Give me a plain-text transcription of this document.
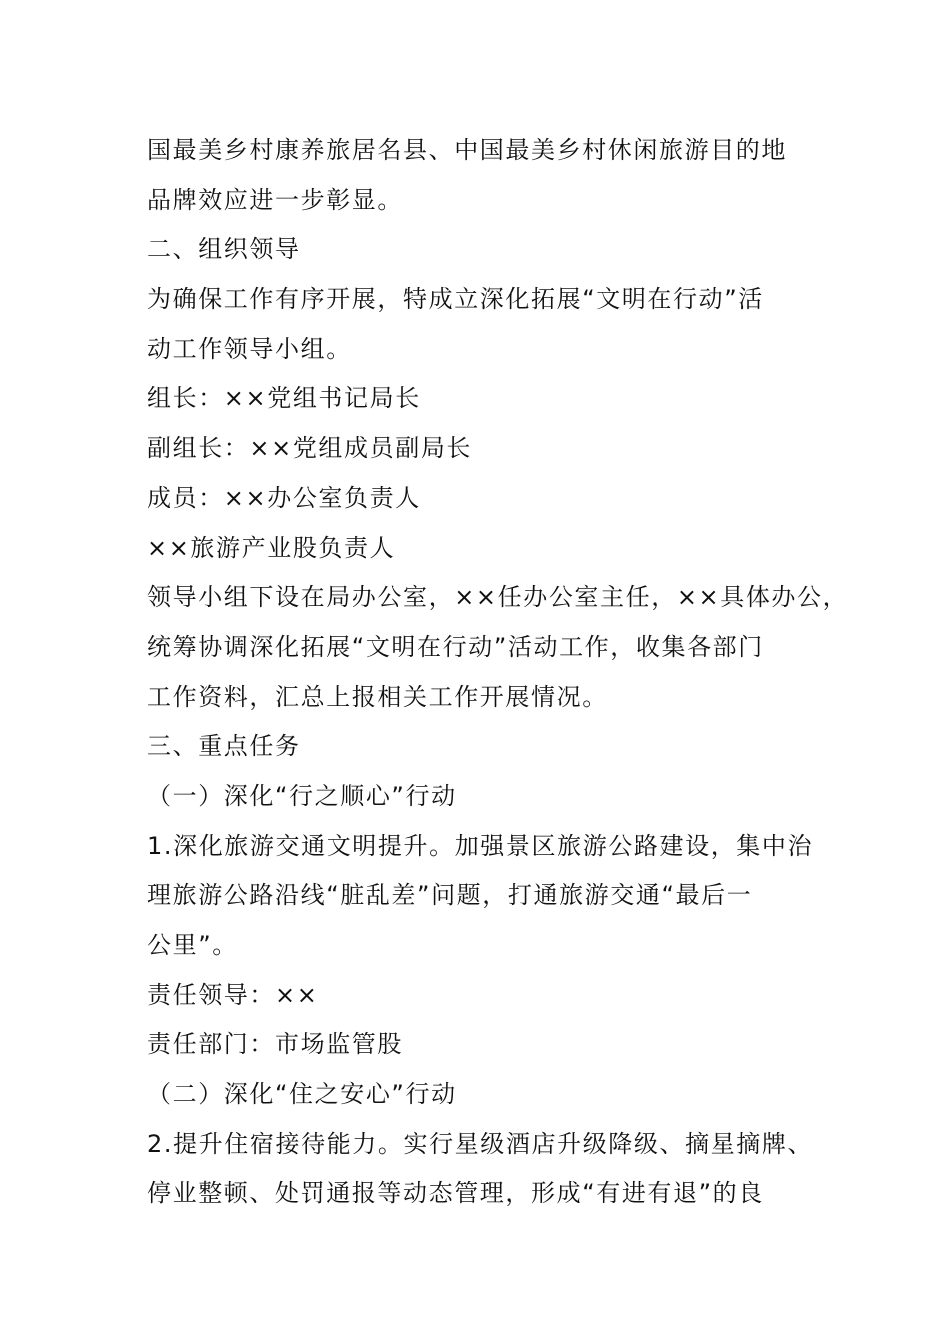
国最美乡村康养旅居名县、中国最美乡村休闲旅游目的地
品牌效应进一步彰显。
二、组织领导
为确保工作有序开展，特成立深化拓展“文明在行动”活
动工作领导小组。
组长：××党组书记局长
副组长：××党组成员副局长
成员：××办公室负责人
××旅游产业股负责人
领导小组下设在局办公室，××任办公室主任，××具体办公，
统筹协调深化拓展“文明在行动”活动工作，收集各部门
工作资料，汇总上报相关工作开展情况。
三、重点任务
（一）深化“行之顺心”行动
1.深化旅游交通文明提升。加强景区旅游公路建设，集中治
理旅游公路沿线“脏乱差”问题，打通旅游交通“最后一
公里”。
责任领导：××
责任部门：市场监管股
（二）深化“住之安心”行动
2.提升住宿接待能力。实行星级酒店升级降级、摘星摘牌、
停业整顿、处罚通报等动态管理，形成“有进有退”的良
